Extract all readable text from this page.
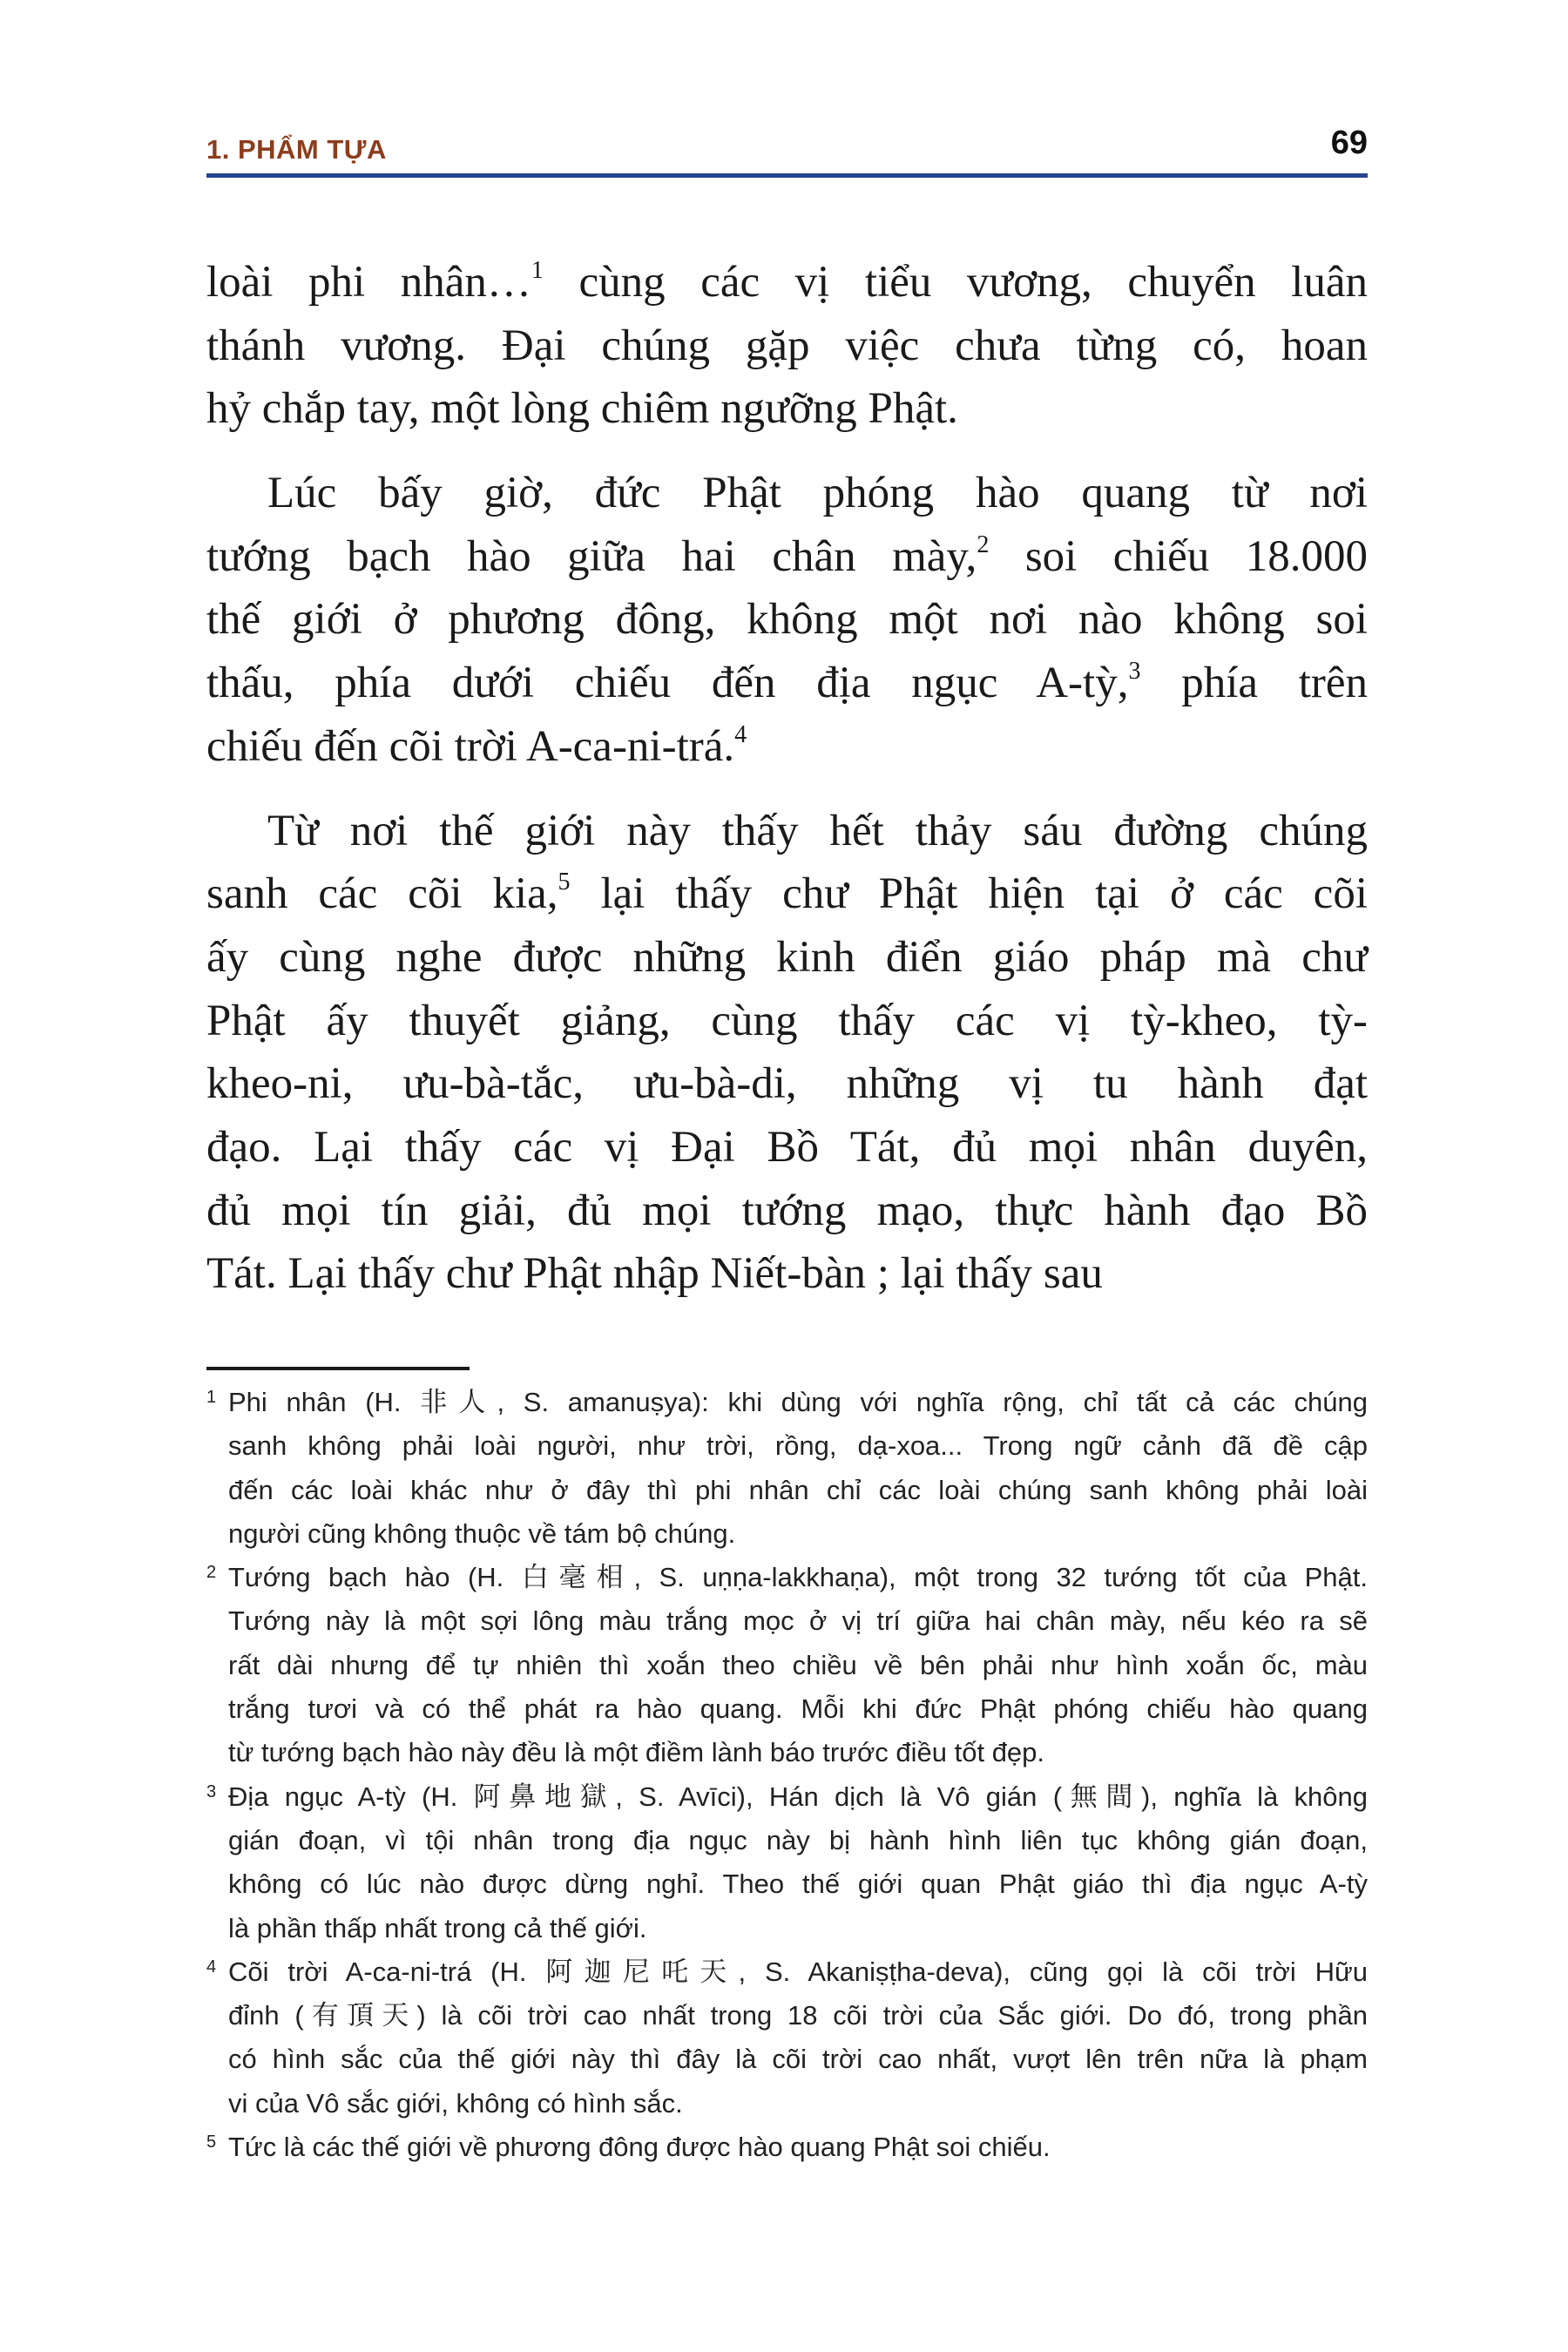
1. PHẨM TỰA	69
loài phi nhân…$^1$ cùng các vị tiểu vương, chuyển luân
thánh vương. Đại chúng gặp việc chưa từng có, hoan
hỷ chắp tay, một lòng chiêm ngưỡng Phật.
Lúc bấy giờ, đức Phật phóng hào quang từ nơi
tướng bạch hào giữa hai chân mày,$^2$ soi chiếu 18.000
thế giới ở phương đông, không một nơi nào không soi
thấu, phía dưới chiếu đến địa ngục A-tỳ,$^3$ phía trên
chiếu đến cõi trời A-ca-ni-trá.$^4$
Từ nơi thế giới này thấy hết thảy sáu đường chúng
sanh các cõi kia,$^5$ lại thấy chư Phật hiện tại ở các cõi
ấy cùng nghe được những kinh điển giáo pháp mà chư
Phật ấy thuyết giảng, cùng thấy các vị tỳ-kheo, tỳ-
kheo-ni, ưu-bà-tắc, ưu-bà-di, những vị tu hành đạt
đạo. Lại thấy các vị Đại Bồ Tát, đủ mọi nhân duyên,
đủ mọi tín giải, đủ mọi tướng mạo, thực hành đạo Bồ
Tát. Lại thấy chư Phật nhập Niết-bàn ; lại thấy sau
1 Phi nhân (H. 非人, S. amanuṣya): khi dùng với nghĩa rộng, chỉ tất cả các chúng
sanh không phải loài người, như trời, rồng, dạ-xoa... Trong ngữ cảnh đã đề cập
đến các loài khác như ở đây thì phi nhân chỉ các loài chúng sanh không phải loài
người cũng không thuộc về tám bộ chúng.
2 Tướng bạch hào (H. 白毫相, S. uṇṇa-lakkhaṇa), một trong 32 tướng tốt của Phật.
Tướng này là một sợi lông màu trắng mọc ở vị trí giữa hai chân mày, nếu kéo ra sẽ
rất dài nhưng để tự nhiên thì xoắn theo chiều về bên phải như hình xoắn ốc, màu
trắng tươi và có thể phát ra hào quang. Mỗi khi đức Phật phóng chiếu hào quang
từ tướng bạch hào này đều là một điềm lành báo trước điều tốt đẹp.
3 Địa ngục A-tỳ (H. 阿鼻地獄, S. Avīci), Hán dịch là Vô gián (無間), nghĩa là không
gián đoạn, vì tội nhân trong địa ngục này bị hành hình liên tục không gián đoạn,
không có lúc nào được dừng nghỉ. Theo thế giới quan Phật giáo thì địa ngục A-tỳ
là phần thấp nhất trong cả thế giới.
4 Cõi trời A-ca-ni-trá (H. 阿迦尼吒天, S. Akaniṣṭha-deva), cũng gọi là cõi trời Hữu
đỉnh (有頂天) là cõi trời cao nhất trong 18 cõi trời của Sắc giới. Do đó, trong phần
có hình sắc của thế giới này thì đây là cõi trời cao nhất, vượt lên trên nữa là phạm
vi của Vô sắc giới, không có hình sắc.
5 Tức là các thế giới về phương đông được hào quang Phật soi chiếu.
